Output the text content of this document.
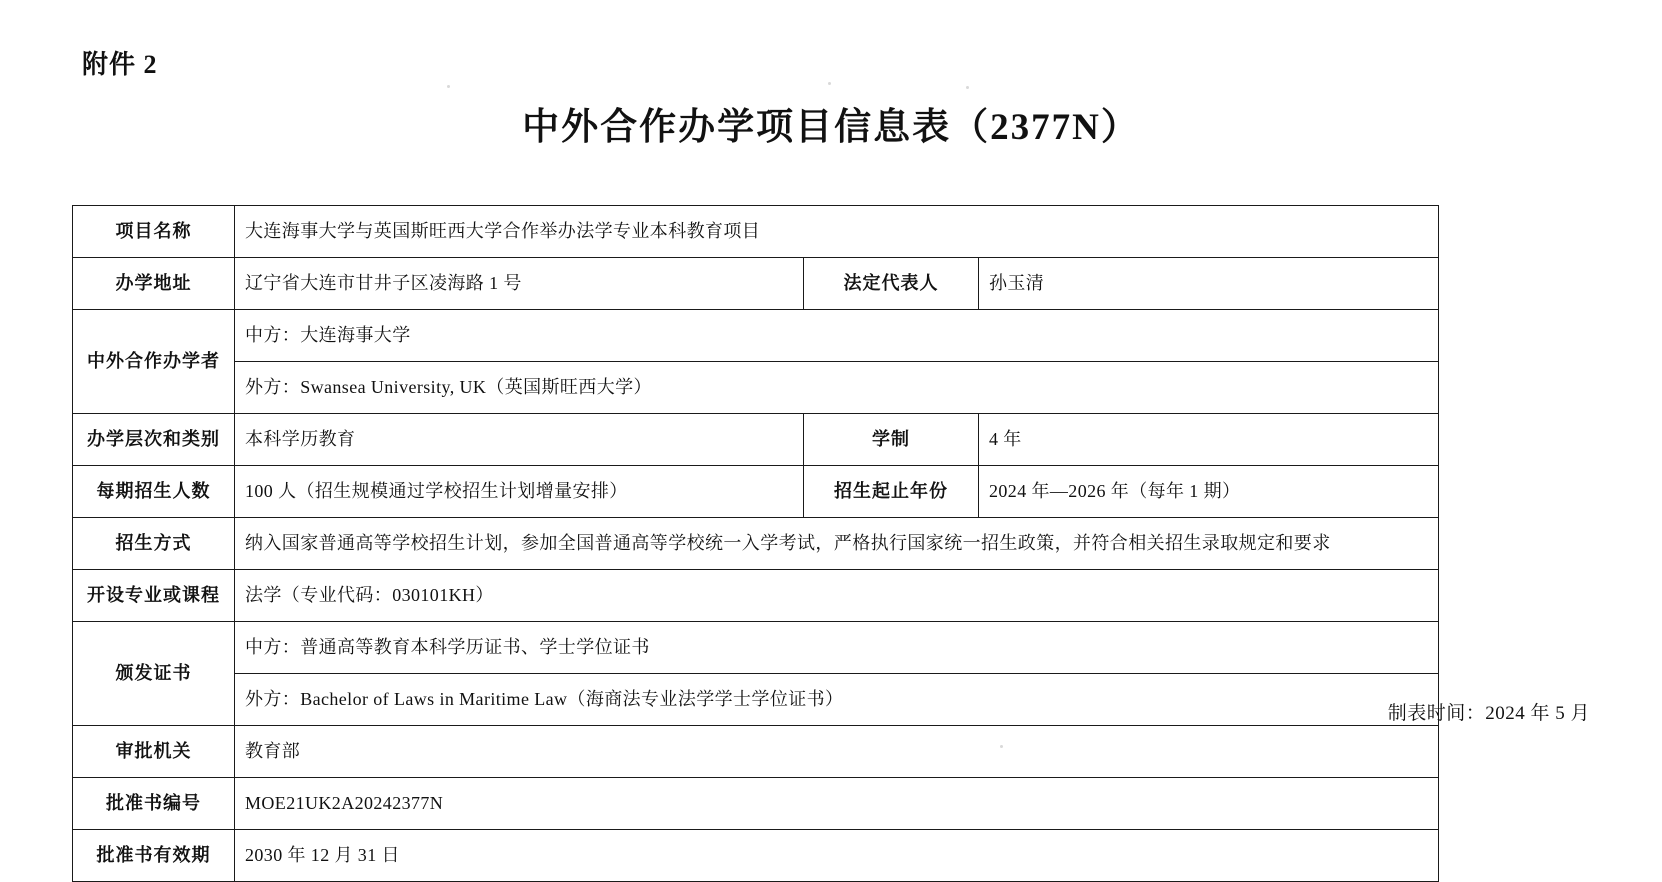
附件 2
中外合作办学项目信息表（2377N）
项目名称	大连海事大学与英国斯旺西大学合作举办法学专业本科教育项目		
办学地址	辽宁省大连市甘井子区凌海路 1 号	法定代表人	孙玉清
中外合作办学者	中方：大连海事大学		
	外方：Swansea University, UK（英国斯旺西大学）		
办学层次和类别	本科学历教育	学制	4 年
每期招生人数	100 人（招生规模通过学校招生计划增量安排）	招生起止年份	2024 年—2026 年（每年 1 期）
招生方式	纳入国家普通高等学校招生计划，参加全国普通高等学校统一入学考试，严格执行国家统一招生政策，并符合相关招生录取规定和要求		
开设专业或课程	法学（专业代码：030101KH）		
颁发证书	中方：普通高等教育本科学历证书、学士学位证书		
	外方：Bachelor of Laws in Maritime Law（海商法专业法学学士学位证书）		
审批机关	教育部		
批准书编号	MOE21UK2A20242377N		
批准书有效期	2030 年 12 月 31 日		
制表时间：2024 年 5 月
